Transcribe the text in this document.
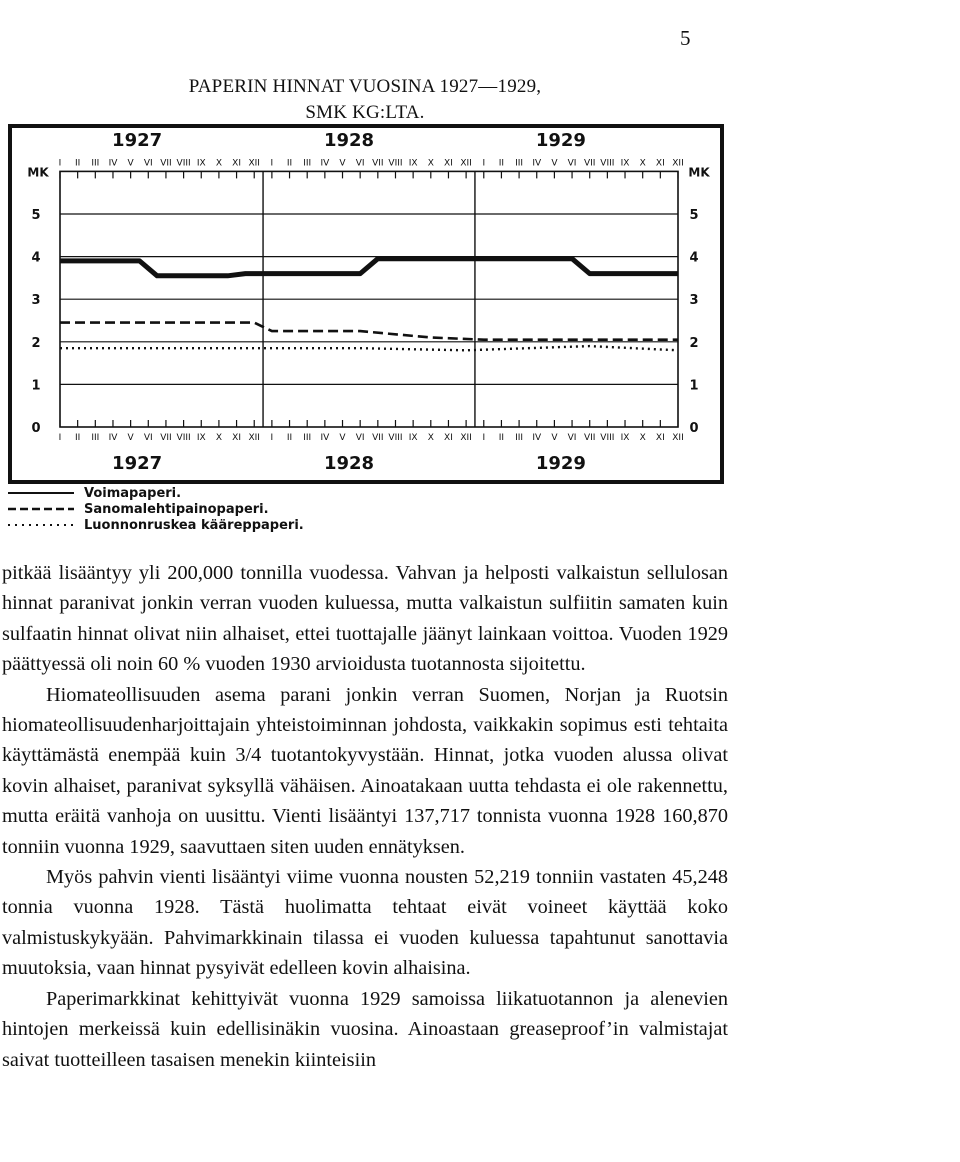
5
PAPERIN HINNAT VUOSINA 1927—1929,
SMK KG:LTA.
0	0
1	1
2	2
3	3
4	4
5	5
MK	MK
I
I
II
II
III
III
IV
IV
V
V
VI
VI
VII
VII
VIII
VIII
IX
IX
X
X
XI
XI
XII
XII
I
I
II
II
III
III
IV
IV
V
V
VI
VI
VII
VII
VIII
VIII
IX
IX
X
X
XI
XI
XII
XII
I
I
II
II
III
III
IV
IV
V
V
VI
VI
VII
VII
VIII
VIII
IX
IX
X
X
XI
XI
XII
XII
1927
1927
1928
1928
1929
1929
Voimapaperi.
Sanomalehtipainopaperi.
Luonnonruskea kääreppaperi.

pitkää lisääntyy yli 200,000 tonnilla vuodessa. Vahvan ja helposti valkaistun sellulosan hinnat paranivat jonkin verran vuoden kuluessa, mutta valkaistun sulfiitin samaten kuin sulfaatin hinnat olivat niin alhaiset, ettei tuottajalle jäänyt lainkaan voittoa. Vuoden 1929 päättyessä oli noin 60 % vuoden 1930 arvioidusta tuotannosta sijoitettu.

Hiomateollisuuden asema parani jonkin verran Suomen, Norjan ja Ruotsin hiomateollisuudenharjoittajain yhteistoiminnan johdosta, vaikkakin sopimus esti tehtaita käyttämästä enempää kuin 3/4 tuotantokyvystään. Hinnat, jotka vuoden alussa olivat kovin alhaiset, paranivat syksyllä vähäisen. Ainoatakaan uutta tehdasta ei ole rakennettu, mutta eräitä vanhoja on uusittu. Vienti lisääntyi 137,717 tonnista vuonna 1928 160,870 tonniin vuonna 1929, saavuttaen siten uuden ennätyksen.

Myös pahvin vienti lisääntyi viime vuonna nousten 52,219 tonniin vastaten 45,248 tonnia vuonna 1928. Tästä huolimatta tehtaat eivät voineet käyttää koko valmistuskykyään. Pahvimarkkinain tilassa ei vuoden kuluessa tapahtunut sanottavia muutoksia, vaan hinnat pysyivät edelleen kovin alhaisina.

Paperimarkkinat kehittyivät vuonna 1929 samoissa liikatuotannon ja alenevien hintojen merkeissä kuin edellisinäkin vuosina. Ainoastaan greaseproof’in valmistajat saivat tuotteilleen tasaisen menekin kiinteisiin
